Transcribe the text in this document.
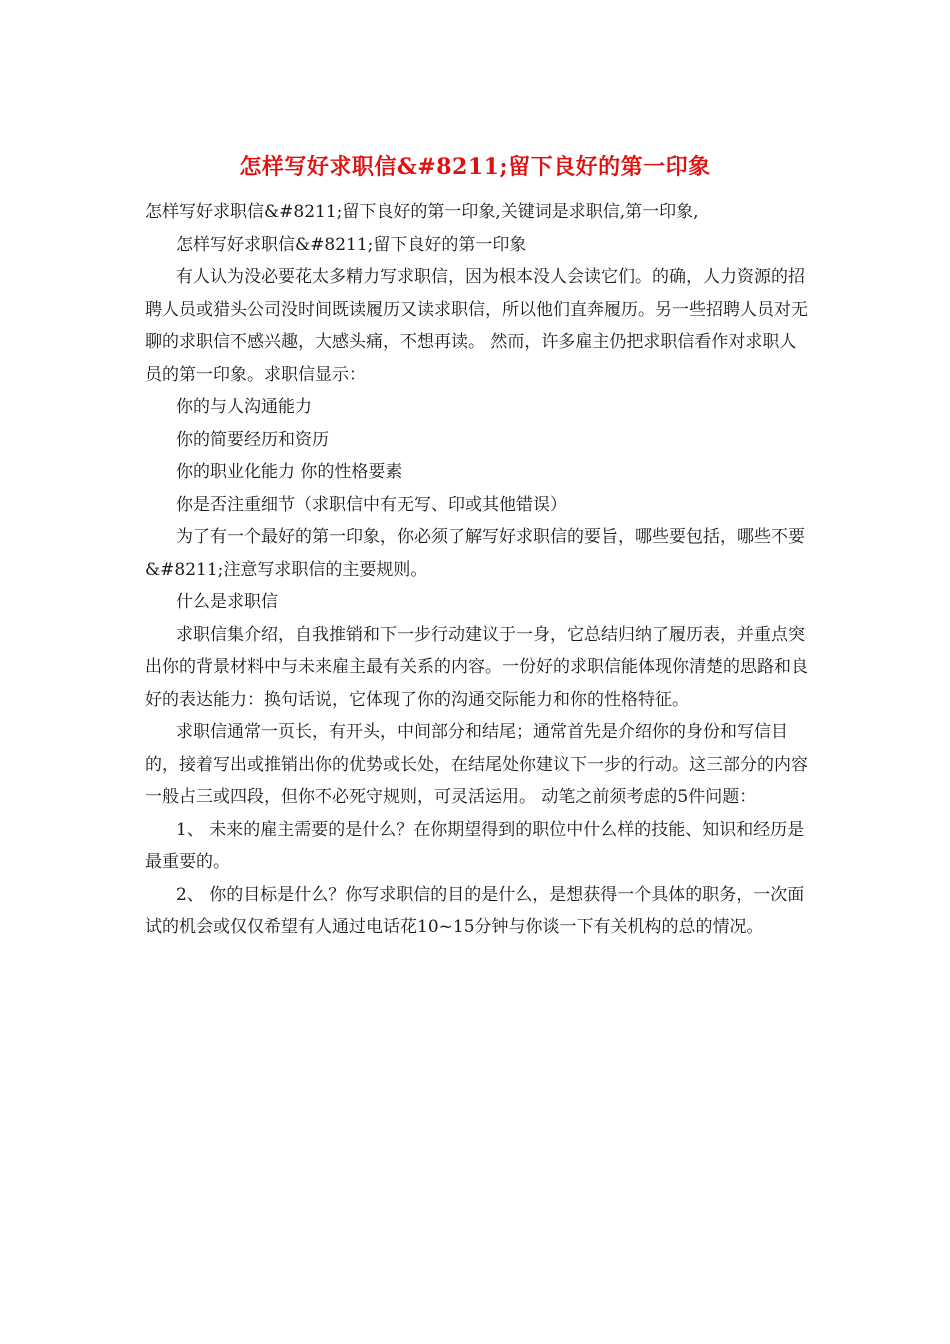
怎样写好求职信&#8211;留下良好的第一印象

怎样写好求职信&#8211;留下良好的第一印象,关键词是求职信,第一印象,

怎样写好求职信&#8211;留下良好的第一印象

有人认为没必要花太多精力写求职信，因为根本没人会读它们。的确，人力资源的招聘人员或猎头公司没时间既读履历又读求职信，所以他们直奔履历。另一些招聘人员对无聊的求职信不感兴趣，大感头痛，不想再读。 然而，许多雇主仍把求职信看作对求职人员的第一印象。求职信显示：

你的与人沟通能力

你的简要经历和资历

你的职业化能力 你的性格要素

你是否注重细节（求职信中有无写、印或其他错误）

为了有一个最好的第一印象，你必须了解写好求职信的要旨，哪些要包括，哪些不要&#8211;注意写求职信的主要规则。

什么是求职信

求职信集介绍，自我推销和下一步行动建议于一身，它总结归纳了履历表，并重点突出你的背景材料中与未来雇主最有关系的内容。一份好的求职信能体现你清楚的思路和良好的表达能力：换句话说，它体现了你的沟通交际能力和你的性格特征。

求职信通常一页长，有开头，中间部分和结尾；通常首先是介绍你的身份和写信目的，接着写出或推销出你的优势或长处，在结尾处你建议下一步的行动。这三部分的内容一般占三或四段，但你不必死守规则，可灵活运用。 动笔之前须考虑的5件问题：

1、 未来的雇主需要的是什么？在你期望得到的职位中什么样的技能、知识和经历是最重要的。

2、 你的目标是什么？你写求职信的目的是什么，是想获得一个具体的职务，一次面试的机会或仅仅希望有人通过电话花10~15分钟与你谈一下有关机构的总的情况。
